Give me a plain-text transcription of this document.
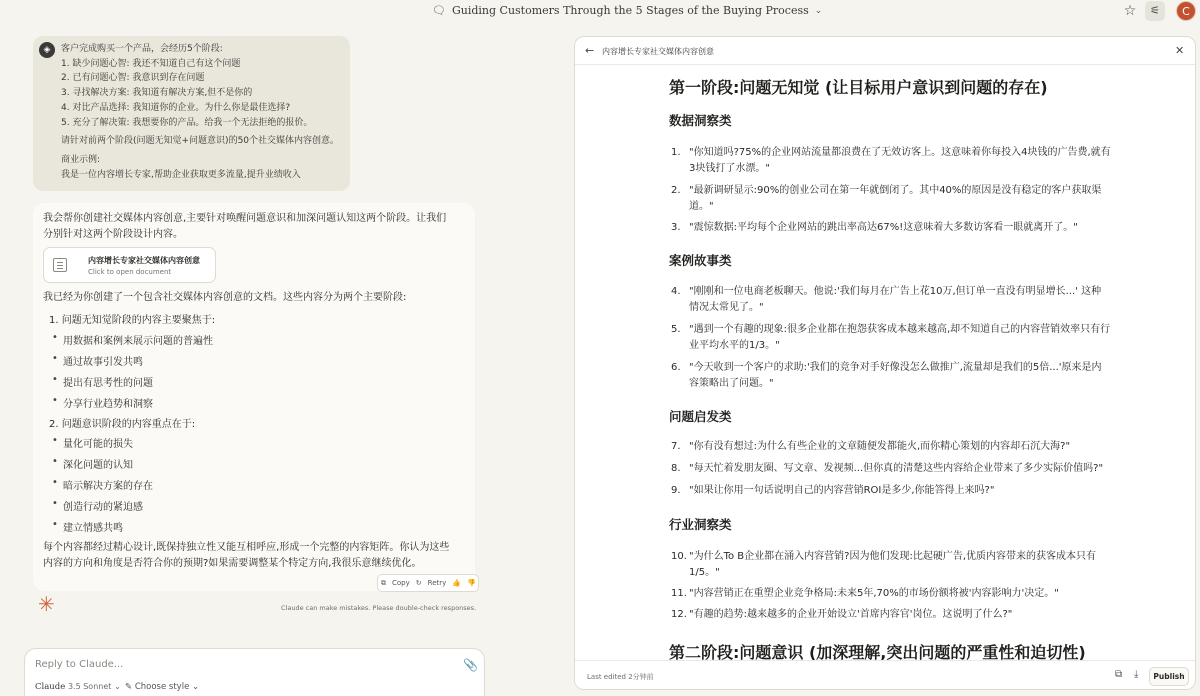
🗨 Guiding Customers Through the 5 Stages of the Buying Process ⌄	☆	⚟	C
◈	客户完成购买一个产品，会经历5个阶段:

1. 缺少问题心智: 我还不知道自己有这个问题

2. 已有问题心智: 我意识到存在问题

3. 寻找解决方案: 我知道有解决方案,但不是你的

4. 对比产品选择: 我知道你的企业。为什么你是最佳选择?

5. 充分了解决策: 我想要你的产品。给我一个无法拒绝的报价。

请针对前两个阶段(问题无知觉+问题意识)的50个社交媒体内容创意。

商业示例:

我是一位内容增长专家,帮助企业获取更多流量,提升业绩收入

我会帮你创建社交媒体内容创意,主要针对唤醒问题意识和加深问题认知这两个阶段。让我们分别针对这两个阶段设计内容。
内容增长专家社交媒体内容创意
Click to open document
我已经为你创建了一个包含社交媒体内容创意的文档。这些内容分为两个主要阶段:
1. 问题无知觉阶段的内容主要聚焦于:
• 用数据和案例来展示问题的普遍性
• 通过故事引发共鸣
• 提出有思考性的问题
• 分享行业趋势和洞察
2. 问题意识阶段的内容重点在于:
• 量化可能的损失
• 深化问题的认知
• 暗示解决方案的存在
• 创造行动的紧迫感
• 建立情感共鸣
每个内容都经过精心设计,既保持独立性又能互相呼应,形成一个完整的内容矩阵。你认为这些内容的方向和角度是否符合你的预期?如果需要调整某个特定方向,我很乐意继续优化。
⧉ Copy ↻ Retry 👍 👎
✳	Claude can make mistakes. Please double-check responses.
Reply to Claude...	📎
Claude 3.5 Sonnet ⌄ ✎ Choose style ⌄
← 内容增长专家社交媒体内容创意	✕
第一阶段:问题无知觉 (让目标用户意识到问题的存在)
数据洞察类
1. "你知道吗?75%的企业网站流量都浪费在了无效访客上。这意味着你每投入4块钱的广告费,就有3块钱打了水漂。"
2. "最新调研显示:90%的创业公司在第一年就倒闭了。其中40%的原因是没有稳定的客户获取渠道。"
3. "震惊数据:平均每个企业网站的跳出率高达67%!这意味着大多数访客看一眼就离开了。"
案例故事类
4. "刚刚和一位电商老板聊天。他说:'我们每月在广告上花10万,但订单一直没有明显增长...' 这种情况太常见了。"
5. "遇到一个有趣的现象:很多企业都在抱怨获客成本越来越高,却不知道自己的内容营销效率只有行业平均水平的1/3。"
6. "今天收到一个客户的求助:'我们的竞争对手好像没怎么做推广,流量却是我们的5倍...'原来是内容策略出了问题。"
问题启发类
7. "你有没有想过:为什么有些企业的文章随便发都能火,而你精心策划的内容却石沉大海?"
8. "每天忙着发朋友圈、写文章、发视频...但你真的清楚这些内容给企业带来了多少实际价值吗?"
9. "如果让你用一句话说明自己的内容营销ROI是多少,你能答得上来吗?"
行业洞察类
10. "为什么To B企业都在涌入内容营销?因为他们发现:比起硬广告,优质内容带来的获客成本只有1/5。"
11. "内容营销正在重塑企业竞争格局:未来5年,70%的市场份额将被'内容影响力'决定。"
12. "有趣的趋势:越来越多的企业开始设立'首席内容官'岗位。这说明了什么?"
第二阶段:问题意识 (加深理解,突出问题的严重性和迫切性)
Last edited 2分钟前	⧉ ⤓	Publish
